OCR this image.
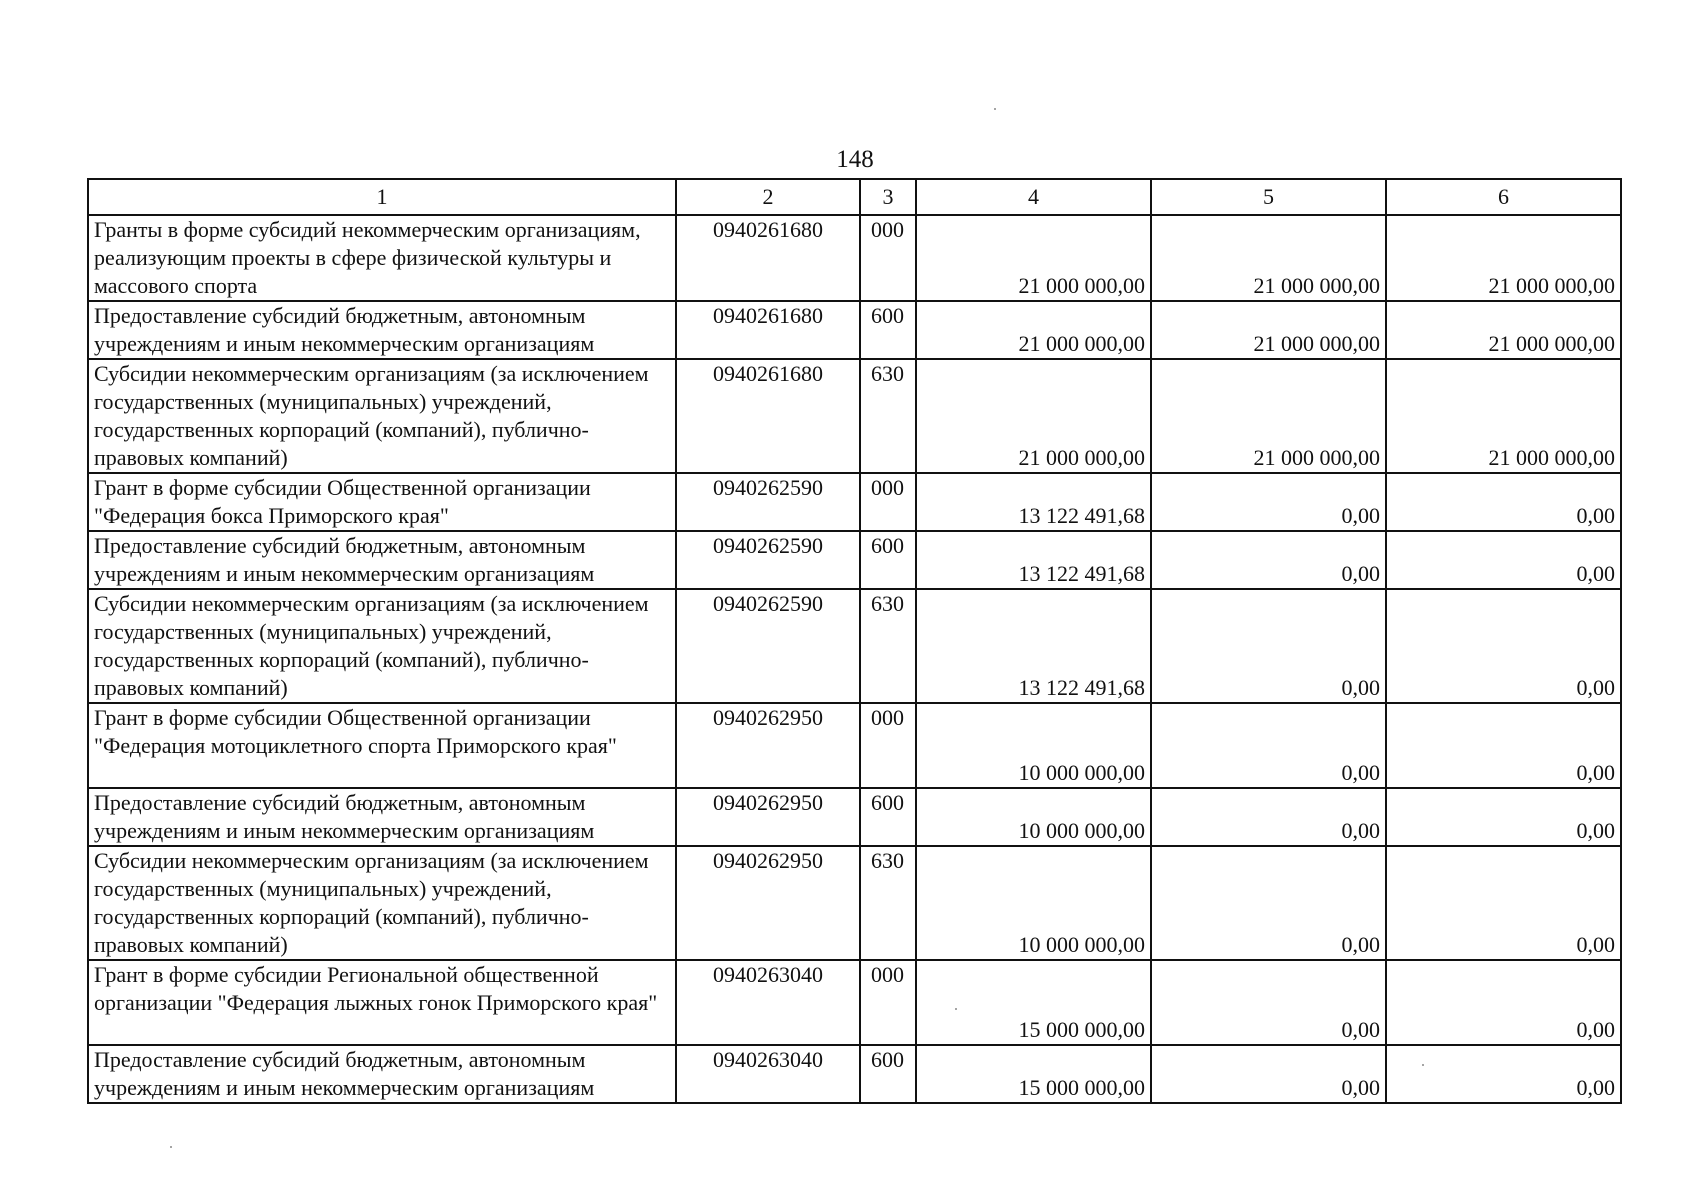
148
1	2	3	4	5	6
Гранты в форме субсидий некоммерческим организациям, реализующим проекты в сфере физической культуры и массового спорта	0940261680	000	21 000 000,00	21 000 000,00	21 000 000,00
Предоставление субсидий бюджетным, автономным учреждениям и иным некоммерческим организациям	0940261680	600	21 000 000,00	21 000 000,00	21 000 000,00
Субсидии некоммерческим организациям (за исключением государственных (муниципальных) учреждений, государственных корпораций (компаний), публично-правовых компаний)	0940261680	630	21 000 000,00	21 000 000,00	21 000 000,00
Грант в форме субсидии Общественной организации "Федерация бокса Приморского края"	0940262590	000	13 122 491,68	0,00	0,00
Предоставление субсидий бюджетным, автономным учреждениям и иным некоммерческим организациям	0940262590	600	13 122 491,68	0,00	0,00
Субсидии некоммерческим организациям (за исключением государственных (муниципальных) учреждений, государственных корпораций (компаний), публично-правовых компаний)	0940262590	630	13 122 491,68	0,00	0,00
Грант в форме субсидии Общественной организации "Федерация мотоциклетного спорта Приморского края"	0940262950	000	10 000 000,00	0,00	0,00
Предоставление субсидий бюджетным, автономным учреждениям и иным некоммерческим организациям	0940262950	600	10 000 000,00	0,00	0,00
Субсидии некоммерческим организациям (за исключением государственных (муниципальных) учреждений, государственных корпораций (компаний), публично-правовых компаний)	0940262950	630	10 000 000,00	0,00	0,00
Грант в форме субсидии Региональной общественной организации "Федерация лыжных гонок Приморского края"	0940263040	000	15 000 000,00	0,00	0,00
Предоставление субсидий бюджетным, автономным учреждениям и иным некоммерческим организациям	0940263040	600	15 000 000,00	0,00	0,00
